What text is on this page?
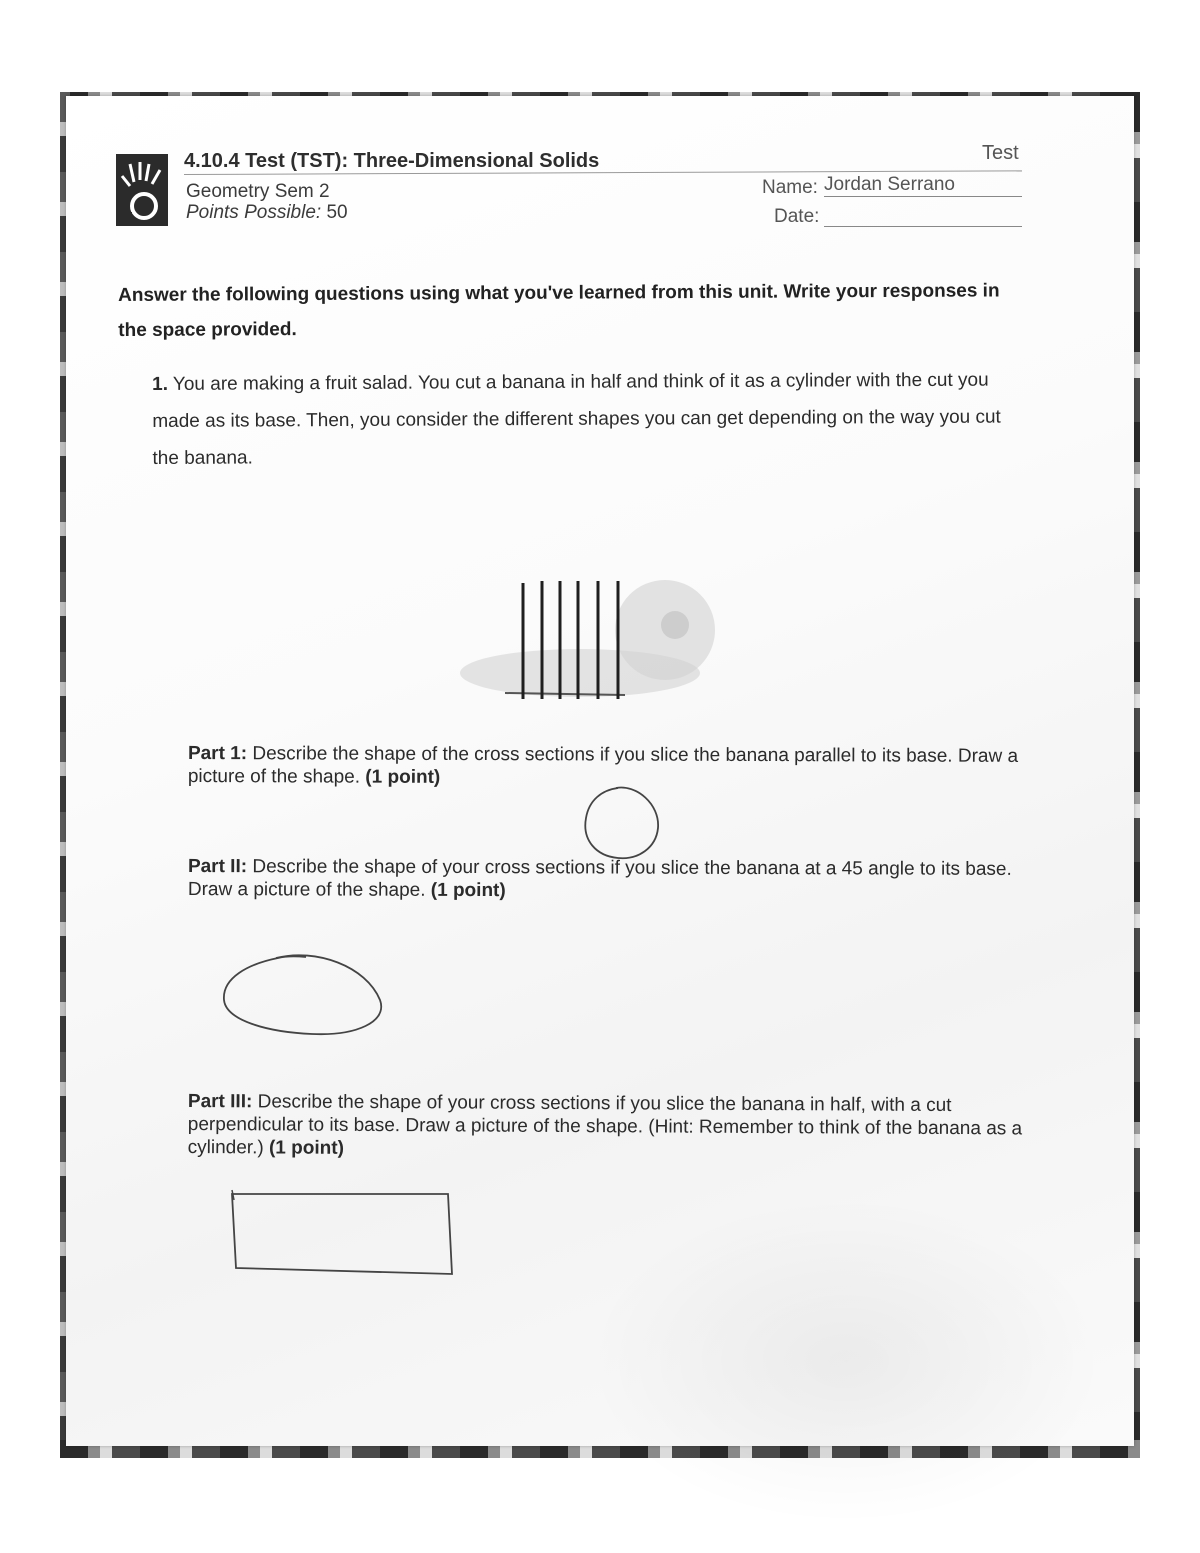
4.10.4 Test (TST): Three-Dimensional Solids
Geometry Sem 2
Points Possible: 50
Test
Name: Jordan Serrano
Date:
Answer the following questions using what you've learned from this unit. Write your responses in the space provided.
1. You are making a fruit salad. You cut a banana in half and think of it as a cylinder with the cut you made as its base. Then, you consider the different shapes you can get depending on the way you cut the banana.
Part 1: Describe the shape of the cross sections if you slice the banana parallel to its base. Draw a picture of the shape. (1 point)
Part II: Describe the shape of your cross sections if you slice the banana at a 45 angle to its base. Draw a picture of the shape. (1 point)
Part III: Describe the shape of your cross sections if you slice the banana in half, with a cut perpendicular to its base. Draw a picture of the shape. (Hint: Remember to think of the banana as a cylinder.) (1 point)
